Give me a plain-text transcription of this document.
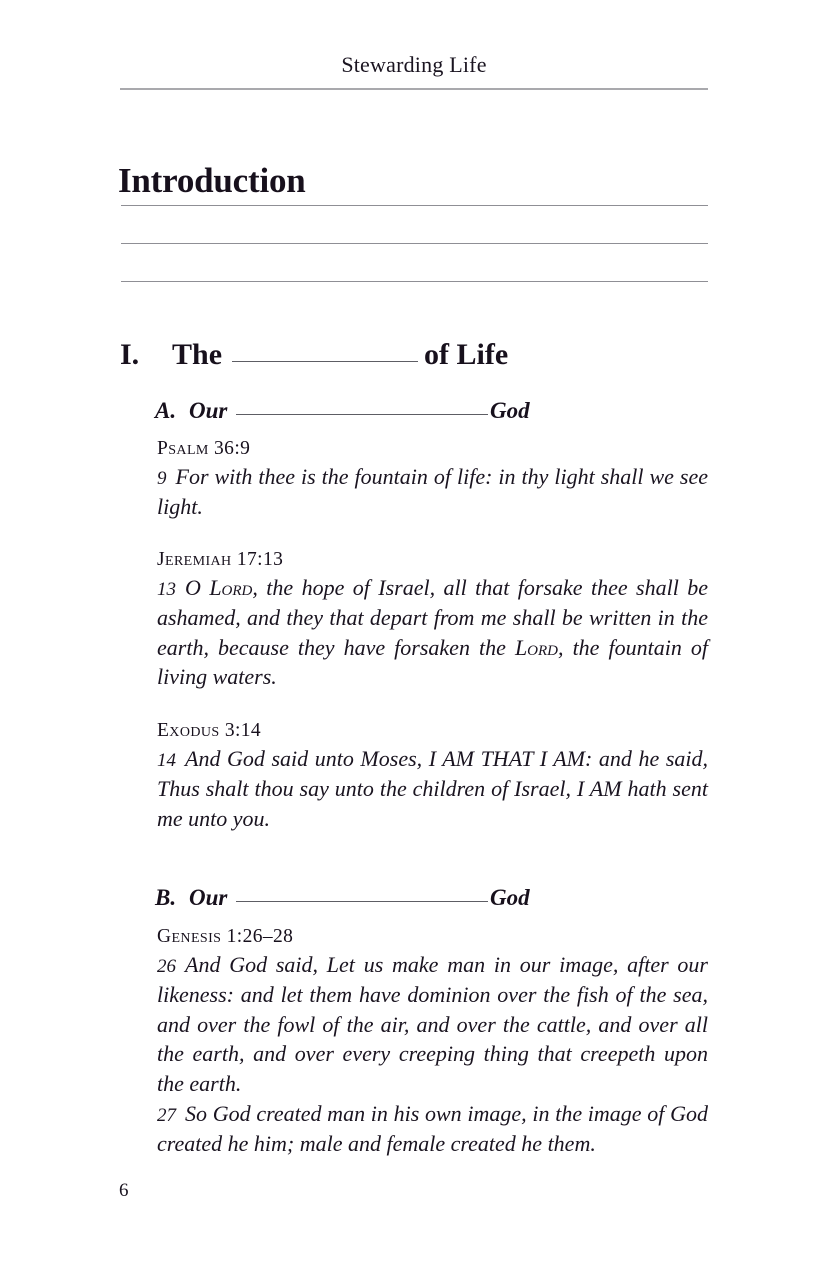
Stewarding Life
Introduction
I. The 	of Life
A. Our 	God
Psalm 36:9

9 For with thee is the fountain of life: in thy light shall we see light.

Jeremiah 17:13

13 O Lord, the hope of Israel, all that forsake thee shall be ashamed, and they that depart from me shall be written in the earth, because they have forsaken the Lord, the fountain of living waters.

Exodus 3:14

14 And God said unto Moses, I AM THAT I AM: and he said, Thus shalt thou say unto the children of Israel, I AM hath sent me unto you.

B. Our 	God
Genesis 1:26–28

26 And God said, Let us make man in our image, after our likeness: and let them have dominion over the fish of the sea, and over the fowl of the air, and over the cattle, and over all the earth, and over every creeping thing that creepeth upon the earth.

27 So God created man in his own image, in the image of God created he him; male and female created he them.

6
